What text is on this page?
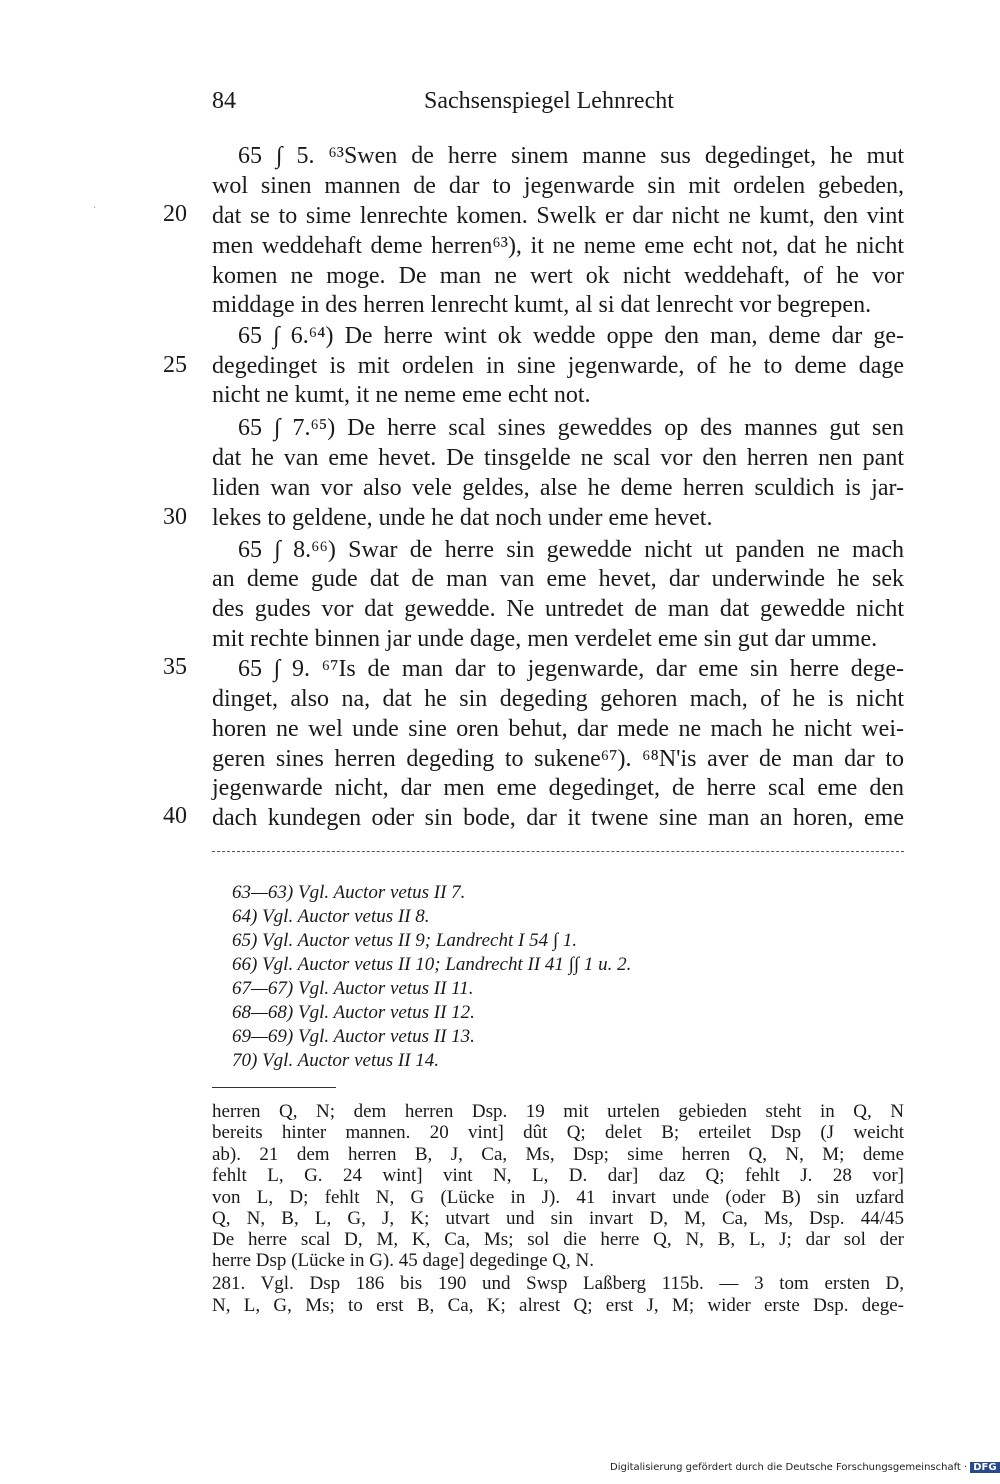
84	Sachsenspiegel Lehnrecht
·	20
25
30
35
40
65 ∫ 5. ⁶³Swen de herre sinem manne sus degedinget, he mut
wol sinen mannen de dar to jegenwarde sin mit ordelen gebeden,
dat se to sime lenrechte komen. Swelk er dar nicht ne kumt, den vint
men weddehaft deme herren⁶³), it ne neme eme echt not, dat he nicht
komen ne moge. De man ne wert ok nicht weddehaft, of he vor
middage in des herren lenrecht kumt, al si dat lenrecht vor begrepen.
65 ∫ 6.⁶⁴) De herre wint ok wedde oppe den man, deme dar ge-
degedinget is mit ordelen in sine jegenwarde, of he to deme dage
nicht ne kumt, it ne neme eme echt not.
65 ∫ 7.⁶⁵) De herre scal sines geweddes op des mannes gut sen
dat he van eme hevet. De tinsgelde ne scal vor den herren nen pant
liden wan vor also vele geldes, alse he deme herren sculdich is jar-
lekes to geldene, unde he dat noch under eme hevet.
65 ∫ 8.⁶⁶) Swar de herre sin gewedde nicht ut panden ne mach
an deme gude dat de man van eme hevet, dar underwinde he sek
des gudes vor dat gewedde. Ne untredet de man dat gewedde nicht
mit rechte binnen jar unde dage, men verdelet eme sin gut dar umme.
65 ∫ 9. ⁶⁷Is de man dar to jegenwarde, dar eme sin herre dege-
dinget, also na, dat he sin degeding gehoren mach, of he is nicht
horen ne wel unde sine oren behut, dar mede ne mach he nicht wei-
geren sines herren degeding to sukene⁶⁷). ⁶⁸N'is aver de man dar to
jegenwarde nicht, dar men eme degedinget, de herre scal eme den
dach kundegen oder sin bode, dar it twene sine man an horen, eme
63—63) Vgl. Auctor vetus II 7.
64) Vgl. Auctor vetus II 8.
65) Vgl. Auctor vetus II 9; Landrecht I 54 ∫ 1.
66) Vgl. Auctor vetus II 10; Landrecht II 41 ∫∫ 1 u. 2.
67—67) Vgl. Auctor vetus II 11.
68—68) Vgl. Auctor vetus II 12.
69—69) Vgl. Auctor vetus II 13.
70) Vgl. Auctor vetus II 14.
herren Q, N; dem herren Dsp. 19 mit urtelen gebieden steht in Q, N
bereits hinter mannen. 20 vint] dût Q; delet B; erteilet Dsp (J weicht
ab). 21 dem herren B, J, Ca, Ms, Dsp; sime herren Q, N, M; deme
fehlt L, G. 24 wint] vint N, L, D. dar] daz Q; fehlt J. 28 vor]
von L, D; fehlt N, G (Lücke in J). 41 invart unde (oder B) sin uzfard
Q, N, B, L, G, J, K; utvart und sin invart D, M, Ca, Ms, Dsp. 44/45
De herre scal D, M, K, Ca, Ms; sol die herre Q, N, B, L, J; dar sol der
herre Dsp (Lücke in G). 45 dage] degedinge Q, N.
281. Vgl. Dsp 186 bis 190 und Swsp Laßberg 115b. — 3 tom ersten D,
N, L, G, Ms; to erst B, Ca, K; alrest Q; erst J, M; wider erste Dsp. dege-
Digitalisierung gefördert durch die Deutsche Forschungsgemeinschaft · DFG
